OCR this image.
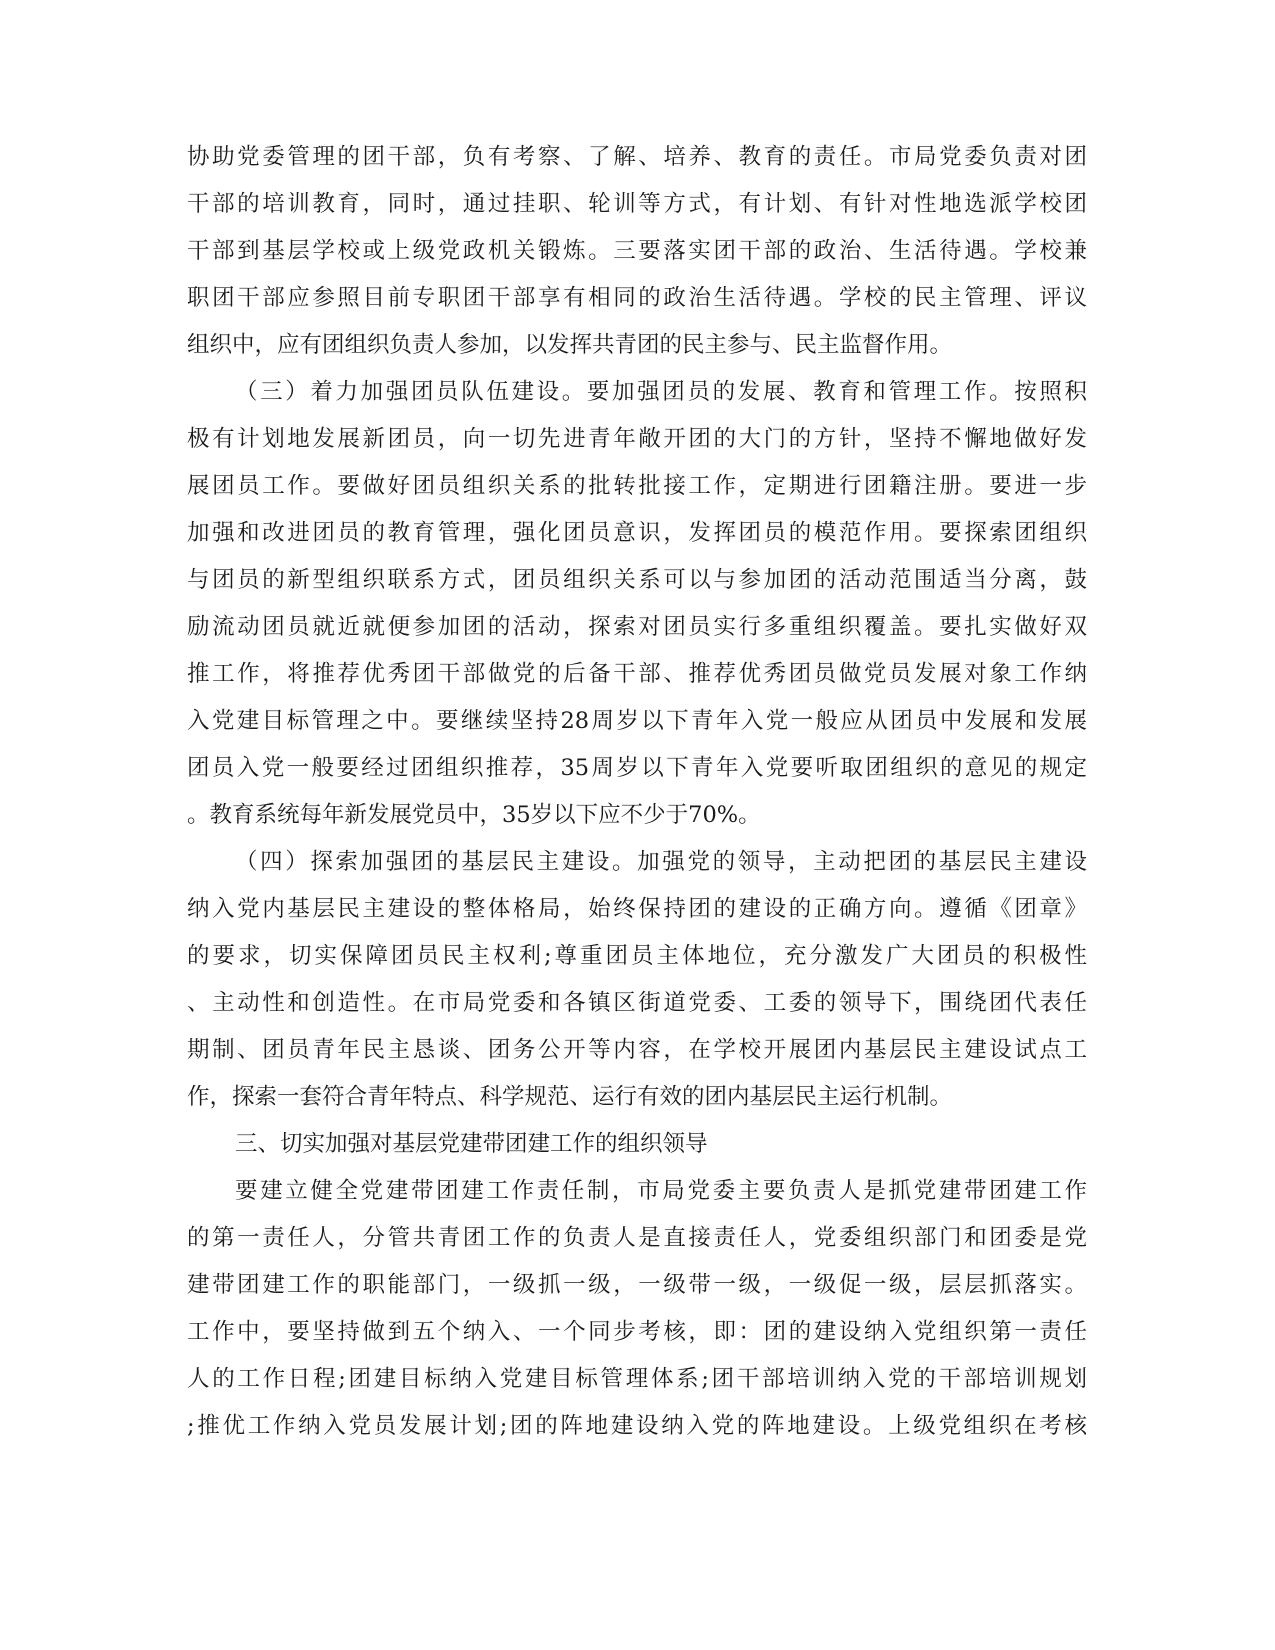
协助党委管理的团干部，负有考察、了解、培养、教育的责任。市局党委负责对团

干部的培训教育，同时，通过挂职、轮训等方式，有计划、有针对性地选派学校团

干部到基层学校或上级党政机关锻炼。三要落实团干部的政治、生活待遇。学校兼

职团干部应参照目前专职团干部享有相同的政治生活待遇。学校的民主管理、评议

组织中，应有团组织负责人参加，以发挥共青团的民主参与、民主监督作用。

（三）着力加强团员队伍建设。要加强团员的发展、教育和管理工作。按照积

极有计划地发展新团员，向一切先进青年敞开团的大门的方针，坚持不懈地做好发

展团员工作。要做好团员组织关系的批转批接工作，定期进行团籍注册。要进一步

加强和改进团员的教育管理，强化团员意识，发挥团员的模范作用。要探索团组织

与团员的新型组织联系方式，团员组织关系可以与参加团的活动范围适当分离，鼓

励流动团员就近就便参加团的活动，探索对团员实行多重组织覆盖。要扎实做好双

推工作，将推荐优秀团干部做党的后备干部、推荐优秀团员做党员发展对象工作纳

入党建目标管理之中。要继续坚持28周岁以下青年入党一般应从团员中发展和发展

团员入党一般要经过团组织推荐，35周岁以下青年入党要听取团组织的意见的规定

。教育系统每年新发展党员中，35岁以下应不少于70%。

（四）探索加强团的基层民主建设。加强党的领导，主动把团的基层民主建设

纳入党内基层民主建设的整体格局，始终保持团的建设的正确方向。遵循《团章》

的要求，切实保障团员民主权利;尊重团员主体地位，充分激发广大团员的积极性

、主动性和创造性。在市局党委和各镇区街道党委、工委的领导下，围绕团代表任

期制、团员青年民主恳谈、团务公开等内容，在学校开展团内基层民主建设试点工

作，探索一套符合青年特点、科学规范、运行有效的团内基层民主运行机制。

三、切实加强对基层党建带团建工作的组织领导

要建立健全党建带团建工作责任制，市局党委主要负责人是抓党建带团建工作

的第一责任人，分管共青团工作的负责人是直接责任人，党委组织部门和团委是党

建带团建工作的职能部门，一级抓一级，一级带一级，一级促一级，层层抓落实。

工作中，要坚持做到五个纳入、一个同步考核，即：团的建设纳入党组织第一责任

人的工作日程;团建目标纳入党建目标管理体系;团干部培训纳入党的干部培训规划

;推优工作纳入党员发展计划;团的阵地建设纳入党的阵地建设。上级党组织在考核
